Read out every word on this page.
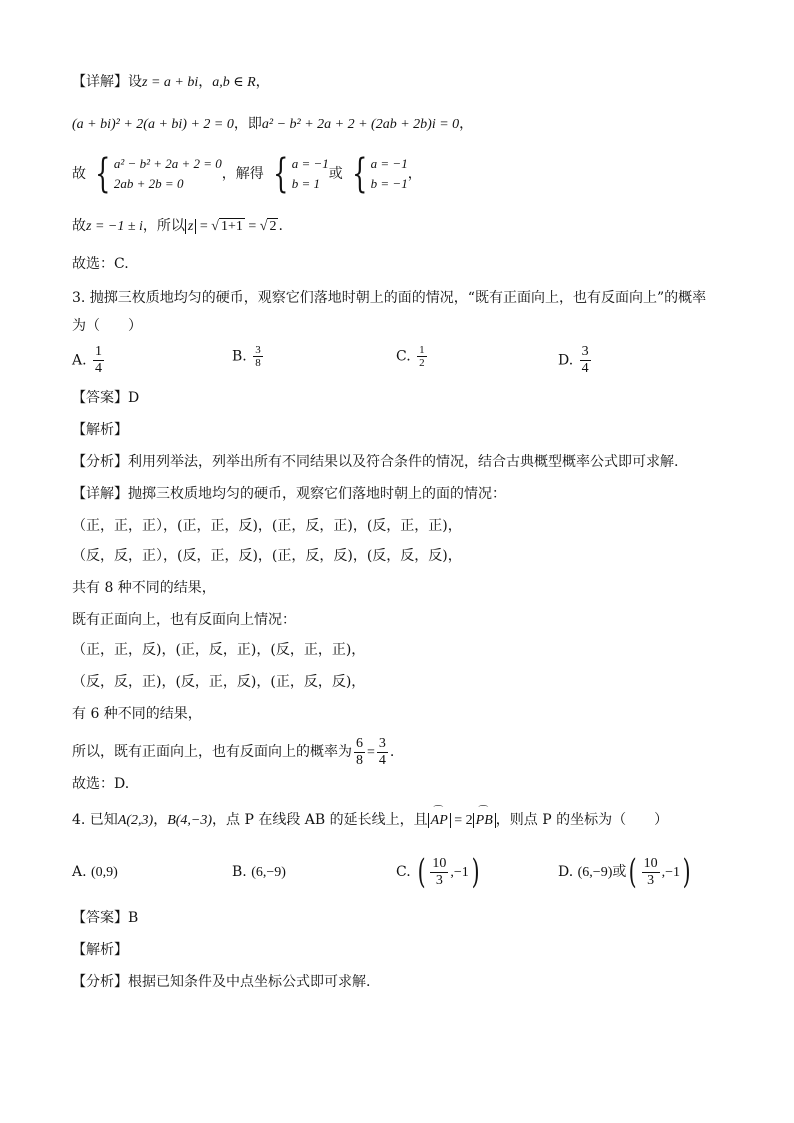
【详解】设z = a + bi，a,b ∈ R，
(a + bi)² + 2(a + bi) + 2 = 0，即a² − b² + 2a + 2 + (2ab + 2b)i = 0，
故 { a² − b² + 2a + 2 = 0
2ab + 2b = 0
，解得 { a = −1
b = 1
或 { a = −1
b = −1
，
故z = −1 ± i，所以 z = √ 1+1 = √ 2 .
故选：C.
3. 抛掷三枚质地均匀的硬币，观察它们落地时朝上的面的情况，“既有正面向上，也有反面向上”的概率
为（　　）
A. $\frac{1}{4}$	B. $\frac{3}{8}$	C. $\frac{1}{2}$	D. $\frac{3}{4}$
【答案】D
【解析】
【分析】利用列举法，列举出所有不同结果以及符合条件的情况，结合古典概型概率公式即可求解.
【详解】抛掷三枚质地均匀的硬币，观察它们落地时朝上的面的情况：
（正，正，正），(正，正，反)，(正，反，正)，(反，正，正)，
（反，反，正），(反，正，反)，(正，反，反)，(反，反，反)，
共有 8 种不同的结果，
既有正面向上，也有反面向上情况：
（正，正，反)，(正，反，正)，(反，正，正)，
（反，反，正)，(反，正，反)，(正，反，反)，
有 6 种不同的结果，
所以，既有正面向上，也有反面向上的概率为 $\frac{6}{8} = \frac{3}{4}$ .
故选：D.
4. 已知A(2,3)，B(4,−3)，点 P 在线段 AB 的延长线上，且 ⌒ AP = 2 ⌒ PB ，则点 P 的坐标为（　　）
A. (0,9)	B. (6,−9)	C. ( $\frac{10}{3} ,-1$)	D. (6,−9)或( $\frac{10}{3} ,-1$)
【答案】B
【解析】
【分析】根据已知条件及中点坐标公式即可求解.
